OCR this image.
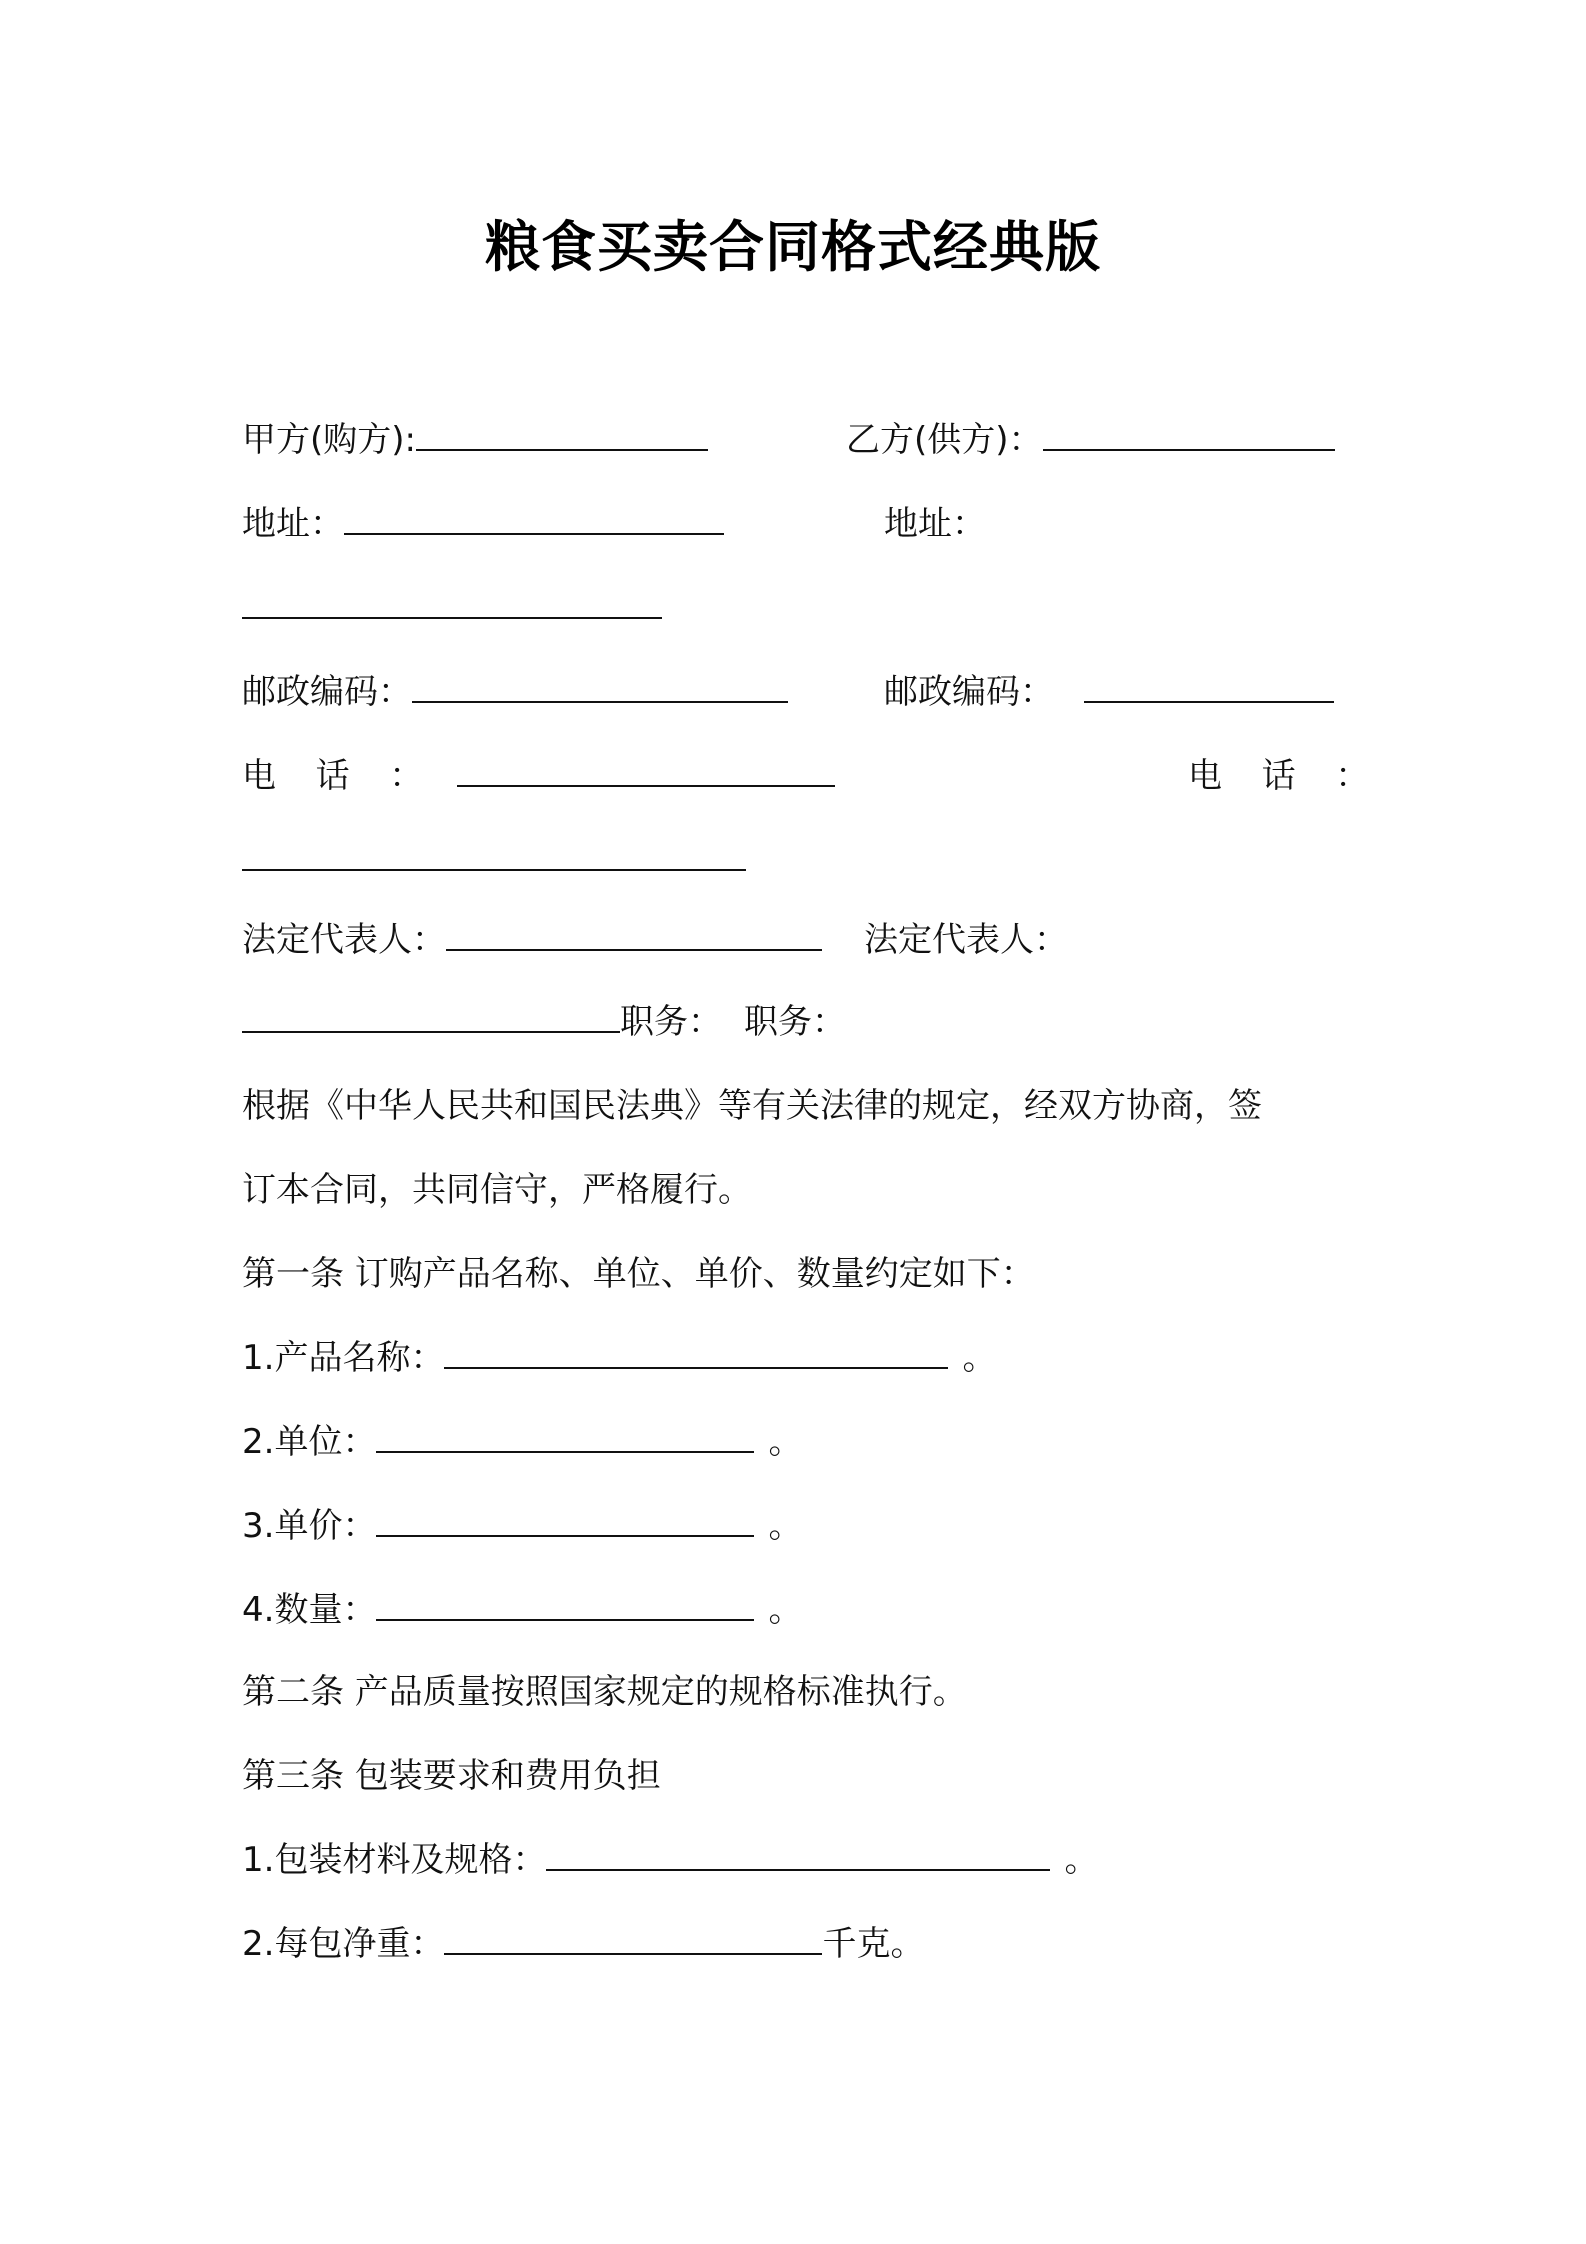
粮食买卖合同格式经典版
甲方(购方):	乙方(供方)：
地址：	地址：
邮政编码：	邮政编码：
电  话  ：	电  话  ：
法定代表人：	法定代表人：
职务： 职务：
根据《中华人民共和国民法典》等有关法律的规定，经双方协商，签
订本合同，共同信守，严格履行。
第一条 订购产品名称、单位、单价、数量约定如下：
1.产品名称：	。
2.单位：	。
3.单价：	。
4.数量：	。
第二条 产品质量按照国家规定的规格标准执行。
第三条 包装要求和费用负担
1.包装材料及规格：	。
2.每包净重：	千克。
